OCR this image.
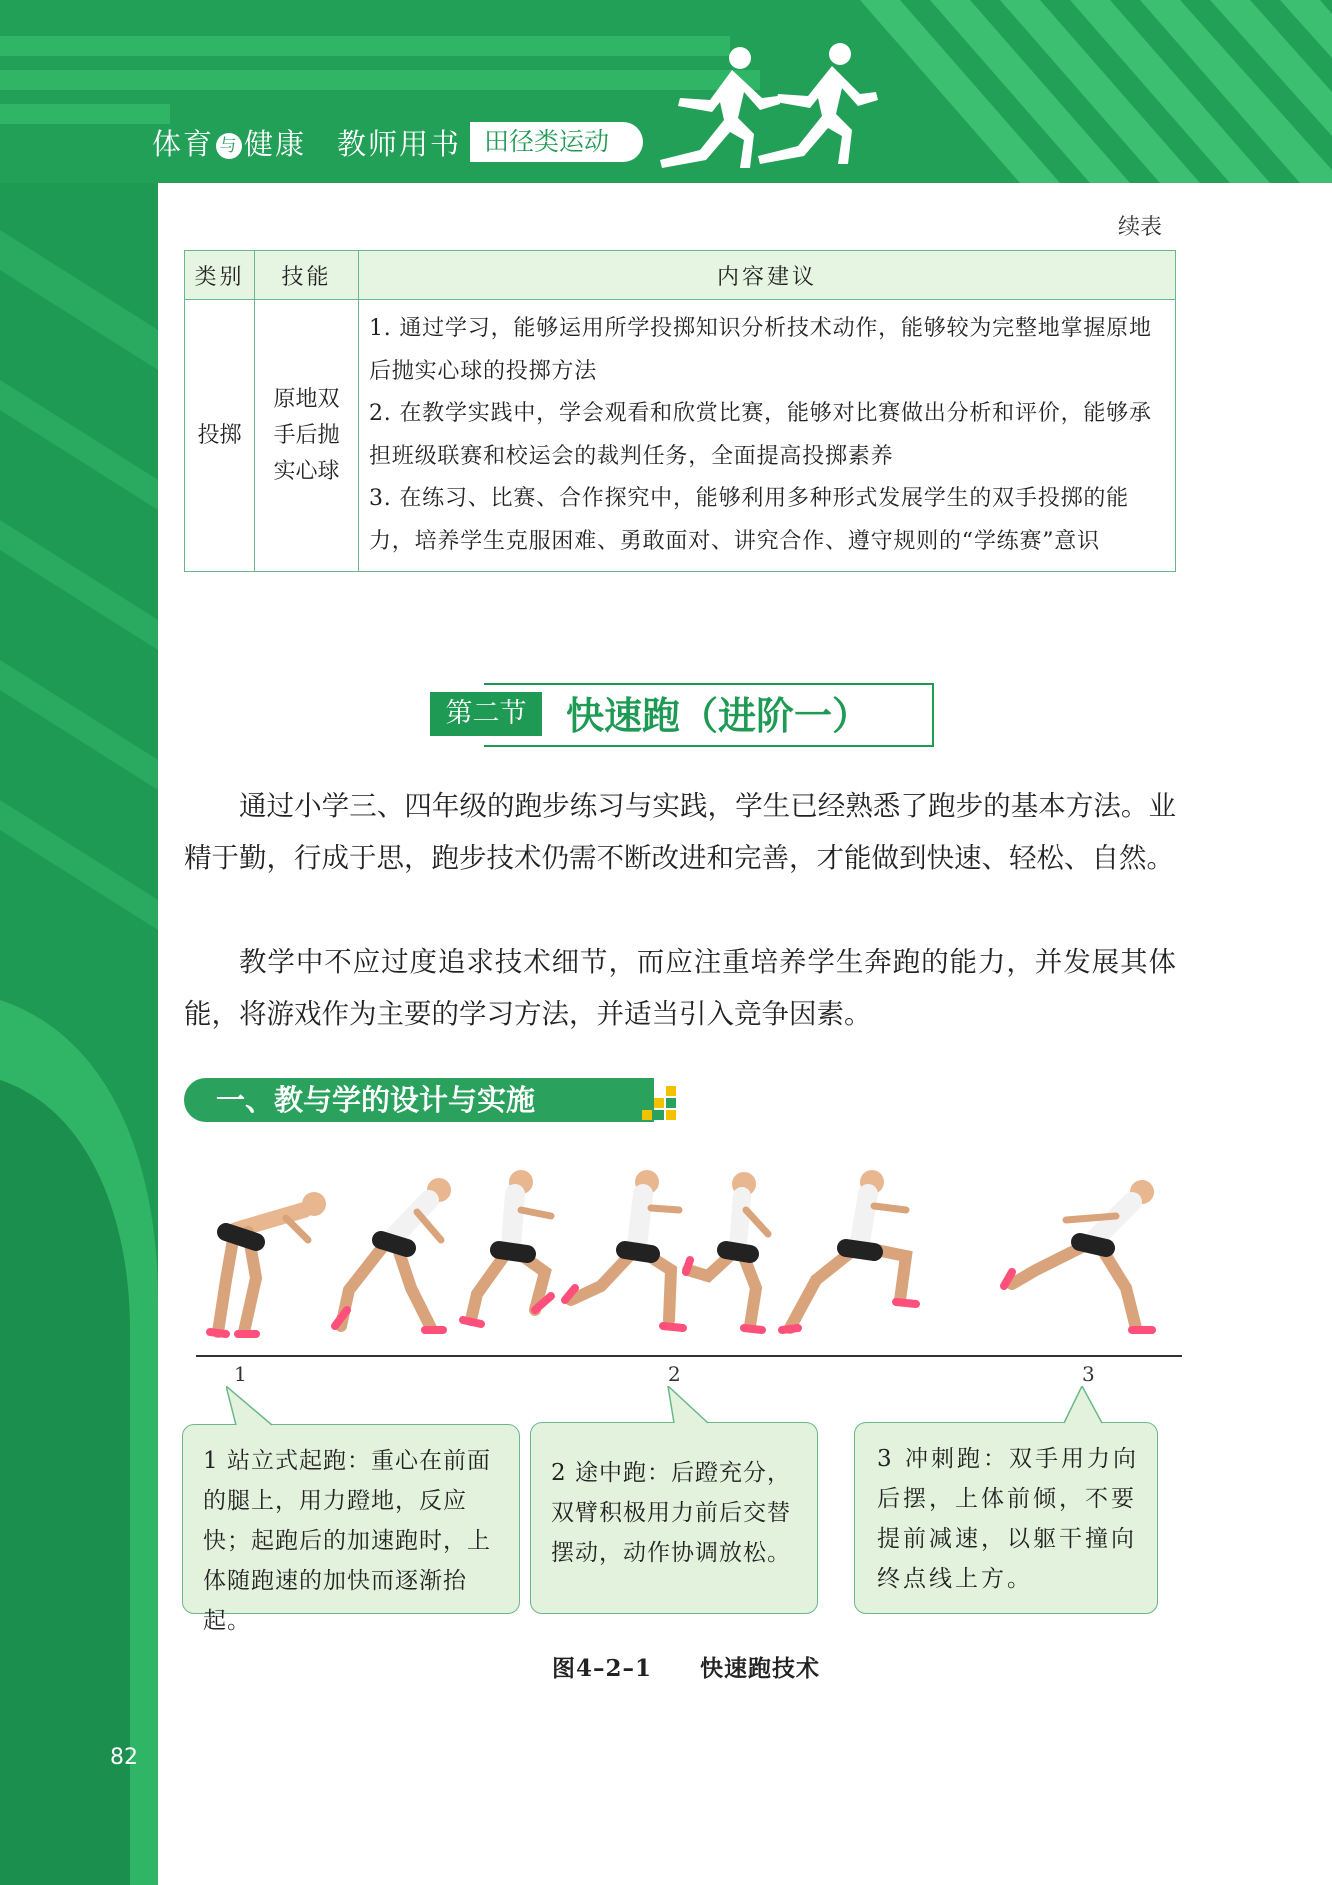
体育 与 健康　教师用书 田径类运动
续表
类别	技能	内容建议
投掷	原地双手后抛实心球	1. 通过学习，能够运用所学投掷知识分析技术动作，能够较为完整地掌握原地后抛实心球的投掷方法
2. 在教学实践中，学会观看和欣赏比赛，能够对比赛做出分析和评价，能够承担班级联赛和校运会的裁判任务，全面提高投掷素养
3. 在练习、比赛、合作探究中，能够利用多种形式发展学生的双手投掷的能力，培养学生克服困难、勇敢面对、讲究合作、遵守规则的“学练赛”意识
第二节	快速跑（进阶一）
通过小学三、四年级的跑步练习与实践，学生已经熟悉了跑步的基本方法。业精于勤，行成于思，跑步技术仍需不断改进和完善，才能做到快速、轻松、自然。
教学中不应过度追求技术细节，而应注重培养学生奔跑的能力，并发展其体能，将游戏作为主要的学习方法，并适当引入竞争因素。
一、教与学的设计与实施
1	2	3
1 站立式起跑：重心在前面的腿上，用力蹬地，反应快；起跑后的加速跑时，上体随跑速的加快而逐渐抬起。
2 途中跑：后蹬充分，双臂积极用力前后交替摆动，动作协调放松。
3 冲刺跑：双手用力向后摆，上体前倾，不要提前减速，以躯干撞向终点线上方。
图4–2–1　　快速跑技术
82
